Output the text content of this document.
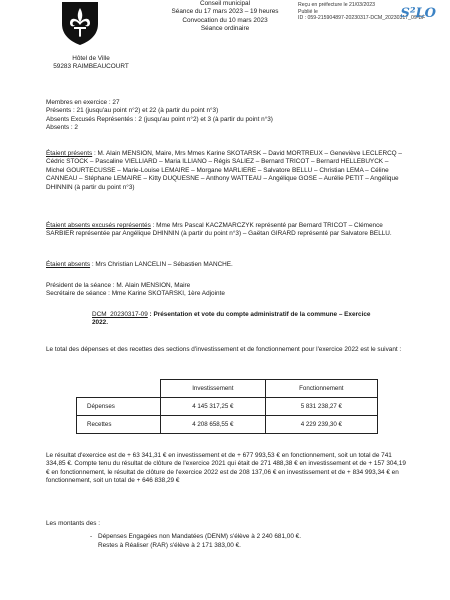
Conseil municipal
Séance du 17 mars 2023 – 19 heures
Convocation du 10 mars 2023
Séance ordinaire
Reçu en préfecture le 21/03/2023
Publié le
ID : 059-215904897-20230317-DCM_20230317_09-BF
S²LO
Hôtel de Ville
59283 RAIMBEAUCOURT
Membres en exercice : 27
Présents : 21 (jusqu'au point n°2) et 22 (à partir du point n°3)
Absents Excusés Représentés : 2 (jusqu'au point n°2) et 3 (à partir du point n°3)
Absents : 2
Étaient présents : M. Alain MENSION, Maire, Mrs Mmes Karine SKOTARSK – David MORTREUX – Geneviève LECLERCQ – Cédric STOCK – Pascaline VIELLIARD – Maria ILLIANO – Régis SALIEZ – Bernard TRICOT – Bernard HELLEBUYCK – Michel GOURTECUSSE – Marie-Louise LEMAIRE – Morgane MARLIERE – Salvatore BELLU – Christian LEMA – Céline CANNEAU – Stéphane LEMAIRE – Kitty DUQUESNE – Anthony WATTEAU – Angélique GOSE – Aurélie PETIT – Angélique DHINNIN (à partir du point n°3)
Étaient absents excusés représentés : Mme Mrs Pascal KACZMARCZYK représenté par Bernard TRICOT – Clémence SARBIER représentée par Angélique DHINNIN (à partir du point n°3) – Gaëtan GIRARD représenté par Salvatore BELLU.
Étaient absents : Mrs Christian LANCELIN – Sébastien MANCHE.
Président de la séance : M. Alain MENSION, Maire
Secrétaire de séance : Mme Karine SKOTARSKI, 1ère Adjointe
DCM_20230317-09 : Présentation et vote du compte administratif de la commune – Exercice 2022.
Le total des dépenses et des recettes des sections d'investissement et de fonctionnement pour l'exercice 2022 est le suivant :
	Investissement	Fonctionnement
Dépenses	4 145 317,25 €	5 831 238,27 €
Recettes	4 208 658,55 €	4 229 239,30 €
Le résultat d'exercice est de + 63 341,31 € en investissement et de + 677 993,53 € en fonctionnement, soit un total de 741 334,85 €. Compte tenu du résultat de clôture de l'exercice 2021 qui était de 271 488,38 € en investissement et de + 157 304,19 € en fonctionnement, le résultat de clôture de l'exercice 2022 est de 208 137,06 € en investissement et de + 834 993,34 € en fonctionnement, soit un total de + 646 838,29 €
Les montants des :
- Dépenses Engagées non Mandatées (DENM) s'élève à 2 240 681,00 €.
Restes à Réaliser (RAR) s'élève à 2 171 383,00 €.
